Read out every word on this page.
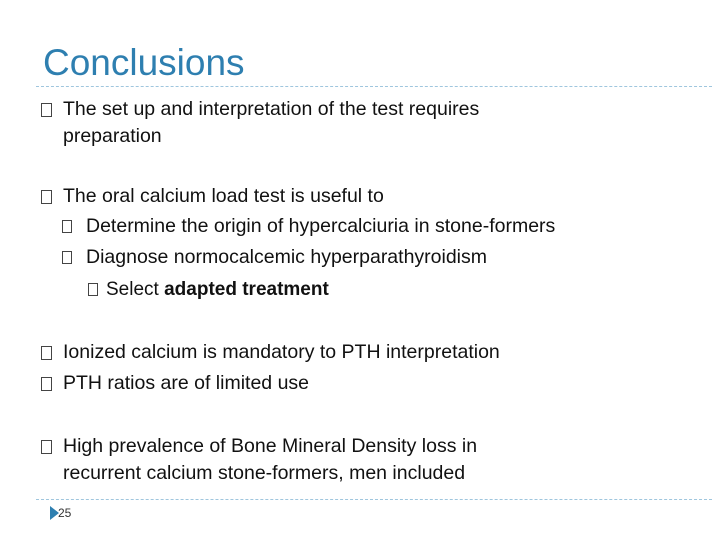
Conclusions
The set up and interpretation of the test requires
preparation
The oral calcium load test is useful to
Determine the origin of hypercalciuria in stone-formers
Diagnose normocalcemic hyperparathyroidism
Select adapted treatment
Ionized calcium is mandatory to PTH interpretation
PTH ratios are of limited use
High prevalence of Bone Mineral Density loss in
recurrent calcium stone-formers, men included
25
